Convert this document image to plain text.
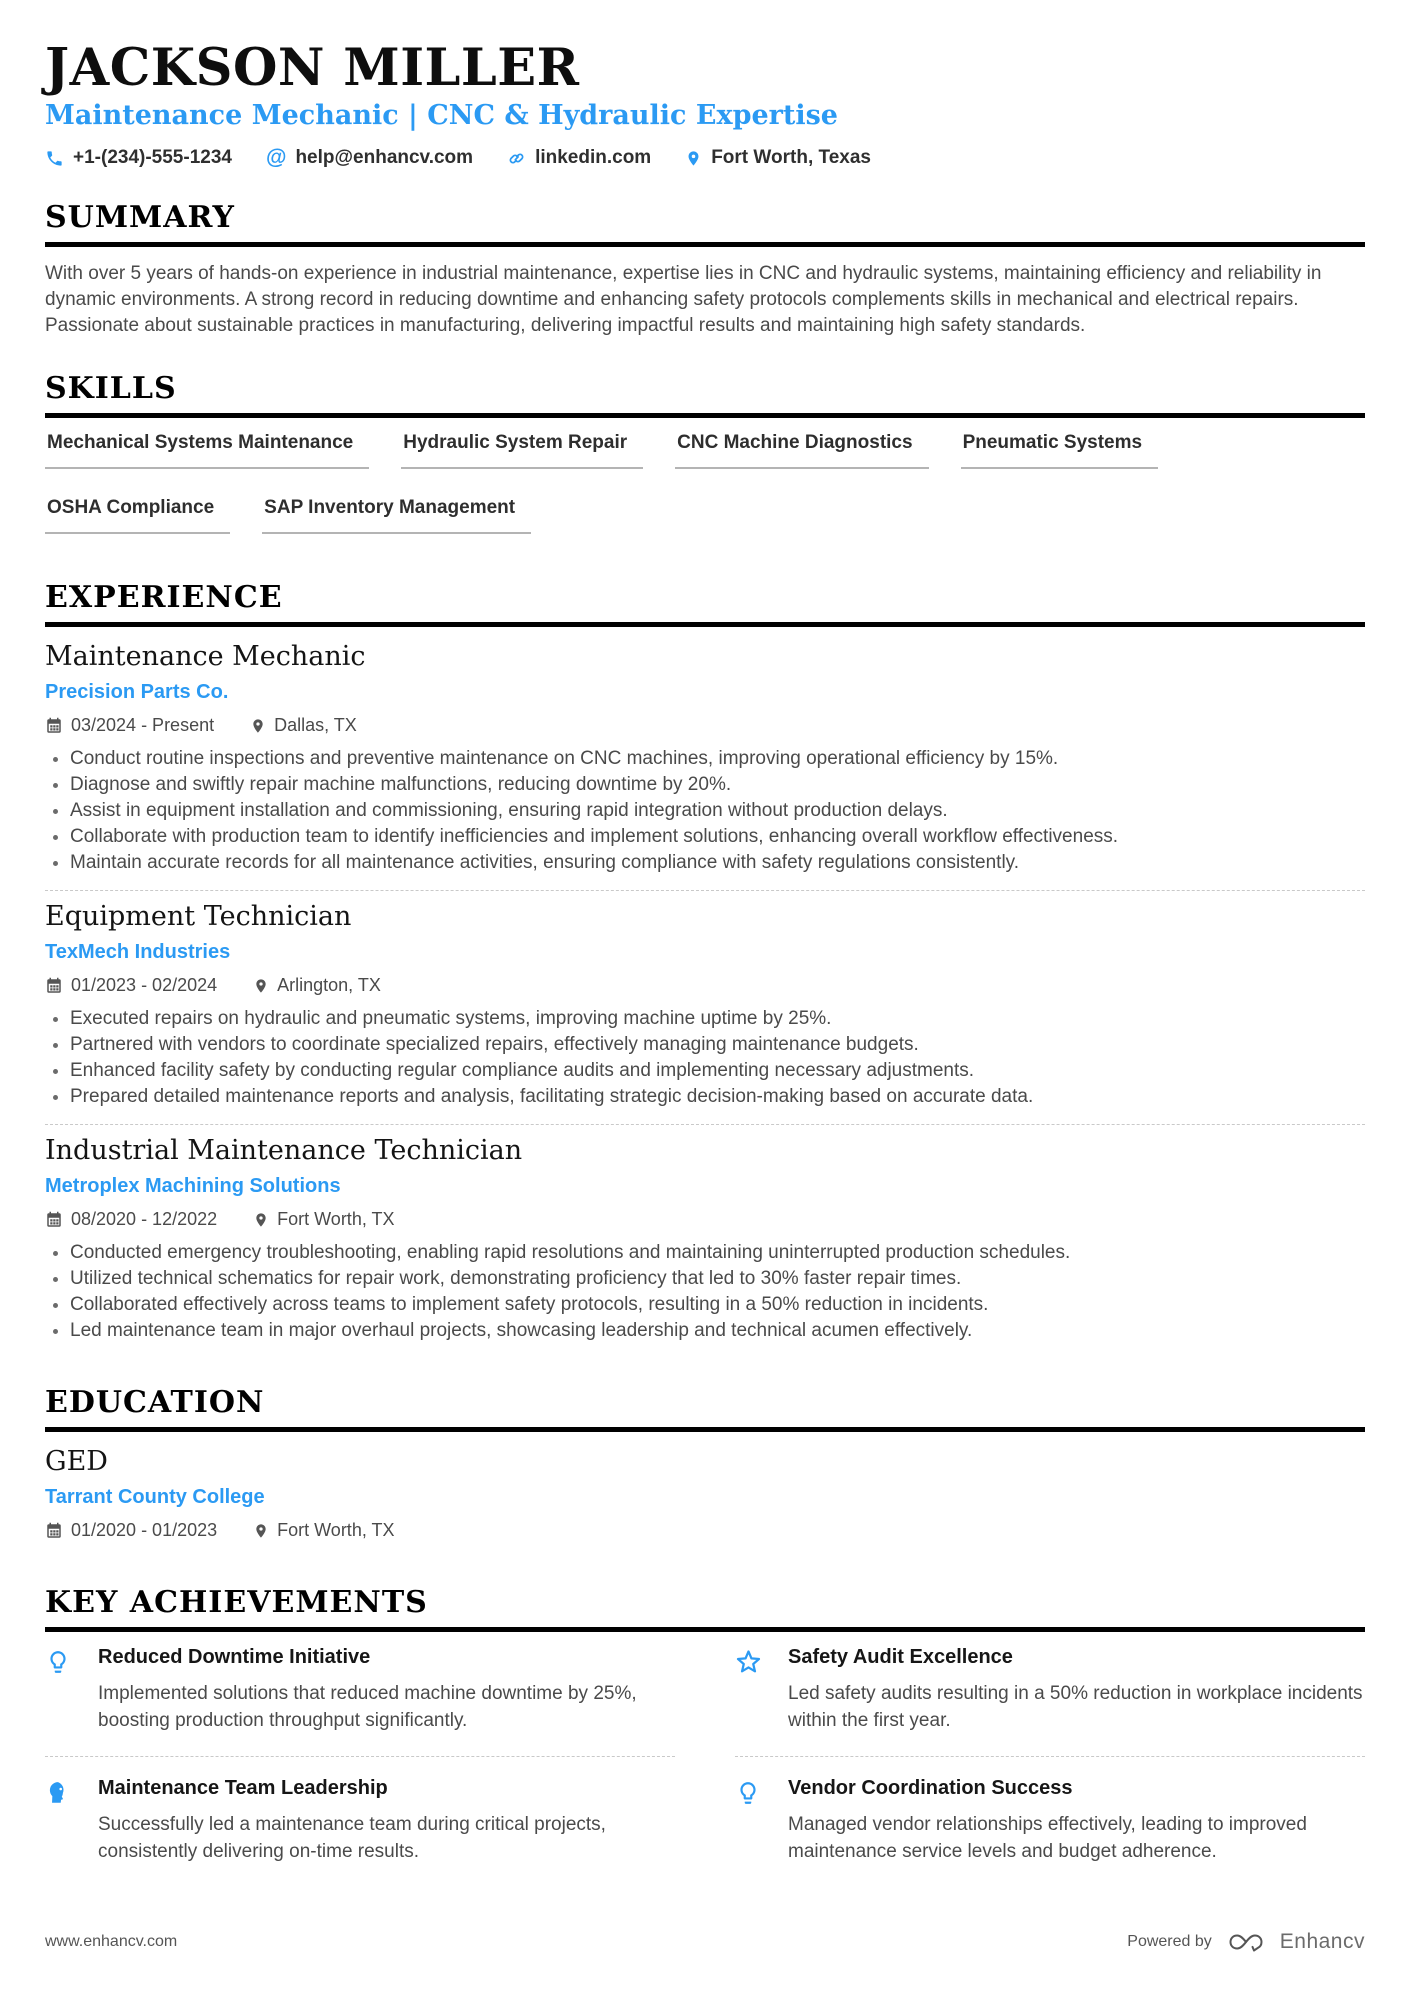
JACKSON MILLER
Maintenance Mechanic | CNC & Hydraulic Expertise
+1-(234)-555-1234 @ help@enhancv.com	linkedin.com	Fort Worth, Texas
SUMMARY
With over 5 years of hands-on experience in industrial maintenance, expertise lies in CNC and hydraulic systems, maintaining efficiency and reliability in dynamic environments. A strong record in reducing downtime and enhancing safety protocols complements skills in mechanical and electrical repairs. Passionate about sustainable practices in manufacturing, delivering impactful results and maintaining high safety standards.
SKILLS
Mechanical Systems Maintenance	Hydraulic System Repair	CNC Machine Diagnostics	Pneumatic Systems
OSHA Compliance	SAP Inventory Management
EXPERIENCE
Maintenance Mechanic
Precision Parts Co.
03/2024 - Present	Dallas, TX
• Conduct routine inspections and preventive maintenance on CNC machines, improving operational efficiency by 15%.
• Diagnose and swiftly repair machine malfunctions, reducing downtime by 20%.
• Assist in equipment installation and commissioning, ensuring rapid integration without production delays.
• Collaborate with production team to identify inefficiencies and implement solutions, enhancing overall workflow effectiveness.
• Maintain accurate records for all maintenance activities, ensuring compliance with safety regulations consistently.
Equipment Technician
TexMech Industries
01/2023 - 02/2024	Arlington, TX
• Executed repairs on hydraulic and pneumatic systems, improving machine uptime by 25%.
• Partnered with vendors to coordinate specialized repairs, effectively managing maintenance budgets.
• Enhanced facility safety by conducting regular compliance audits and implementing necessary adjustments.
• Prepared detailed maintenance reports and analysis, facilitating strategic decision-making based on accurate data.
Industrial Maintenance Technician
Metroplex Machining Solutions
08/2020 - 12/2022	Fort Worth, TX
• Conducted emergency troubleshooting, enabling rapid resolutions and maintaining uninterrupted production schedules.
• Utilized technical schematics for repair work, demonstrating proficiency that led to 30% faster repair times.
• Collaborated effectively across teams to implement safety protocols, resulting in a 50% reduction in incidents.
• Led maintenance team in major overhaul projects, showcasing leadership and technical acumen effectively.
EDUCATION
GED
Tarrant County College
01/2020 - 01/2023	Fort Worth, TX
KEY ACHIEVEMENTS
Reduced Downtime Initiative
Implemented solutions that reduced machine downtime by 25%, boosting production throughput significantly.
Safety Audit Excellence
Led safety audits resulting in a 50% reduction in workplace incidents within the first year.
Maintenance Team Leadership
Successfully led a maintenance team during critical projects, consistently delivering on-time results.
Vendor Coordination Success
Managed vendor relationships effectively, leading to improved maintenance service levels and budget adherence.
www.enhancv.com	Powered by	Enhancv
